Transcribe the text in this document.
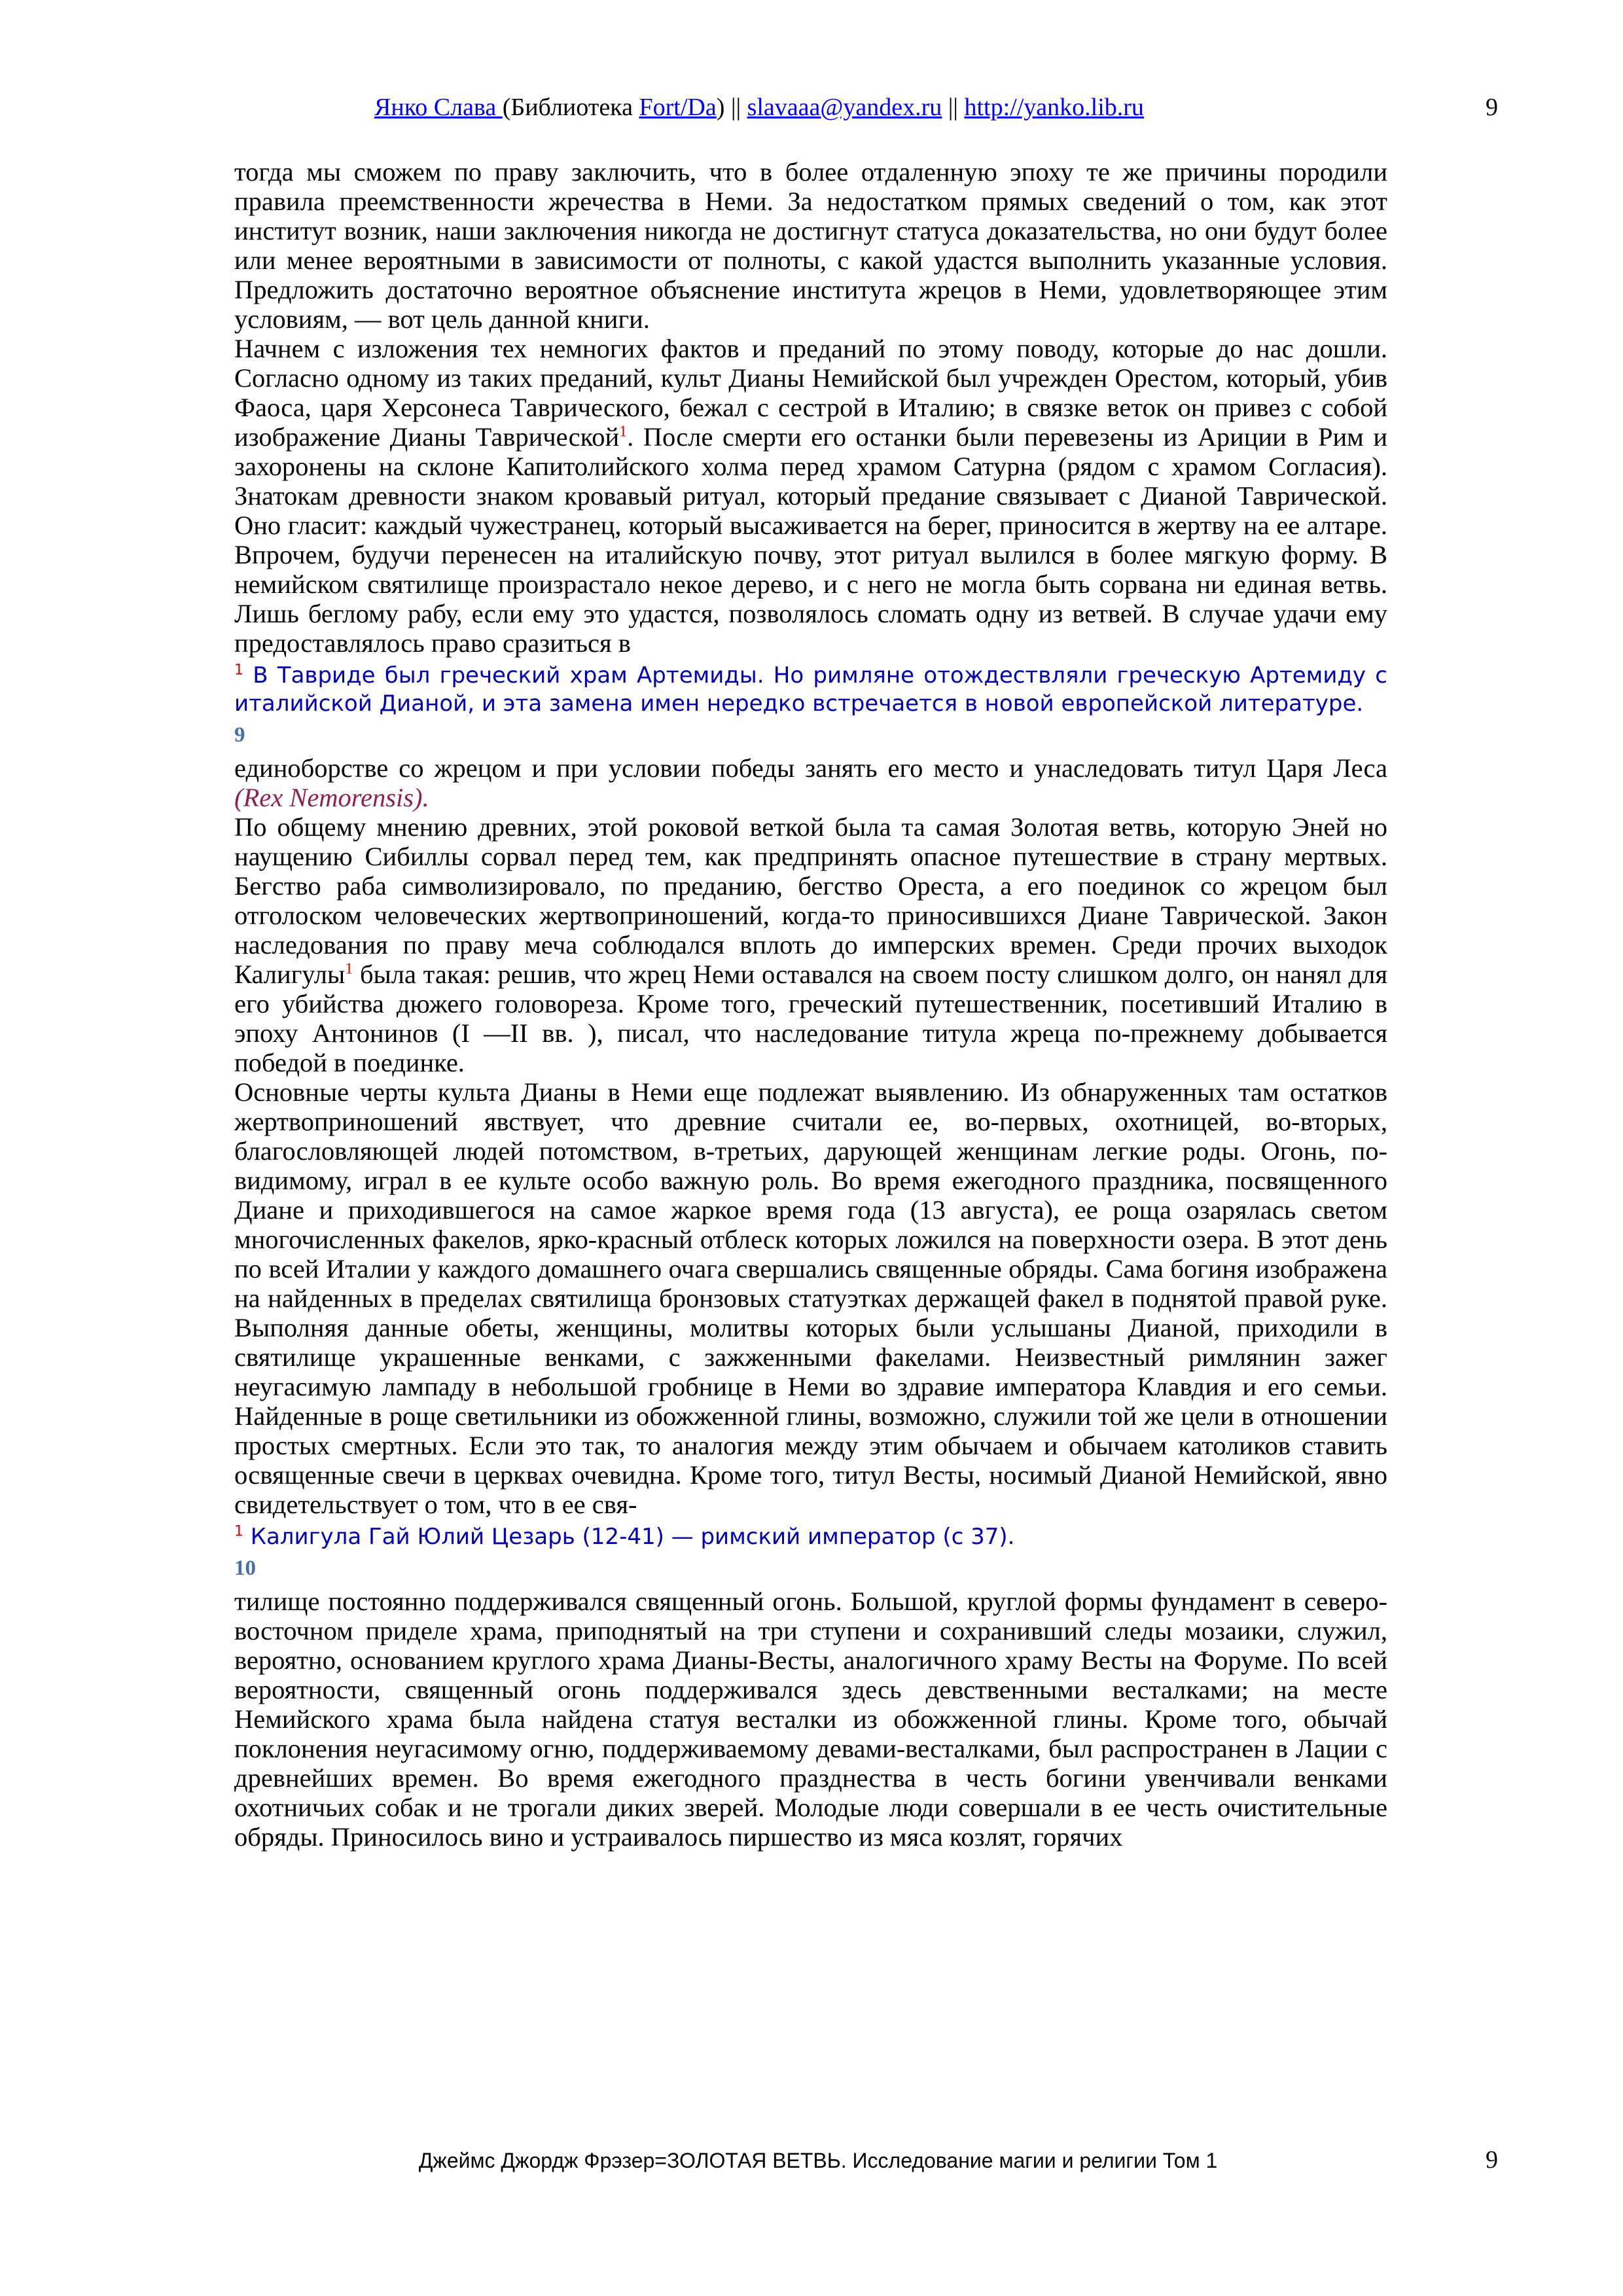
Янко Слава (Библиотека Fort/Da) || slavaaa@yandex.ru || http://yanko.lib.ru	9

тогда мы сможем по праву заключить, что в более отдаленную эпоху те же причины породили правила преемственности жречества в Неми. За недостатком прямых сведений о том, как этот институт возник, наши заключения никогда не достигнут статуса доказательства, но они будут более или менее вероятными в зависимости от полноты, с какой удастся выполнить указанные условия. Предложить достаточно вероятное объяснение института жрецов в Неми, удовлетворяющее этим условиям, — вот цель данной книги.

Начнем с изложения тех немногих фактов и преданий по этому поводу, которые до нас дошли. Согласно одному из таких преданий, культ Дианы Немийской был учрежден Орестом, который, убив Фаоса, царя Херсонеса Таврического, бежал с сестрой в Италию; в связке веток он привез с собой изображение Дианы Таврической$^1$. После смерти его останки были перевезены из Ариции в Рим и захоронены на склоне Капитолийского холма перед храмом Сатурна (рядом с храмом Согласия). Знатокам древности знаком кровавый ритуал, который предание связывает с Дианой Таврической. Оно гласит: каждый чужестранец, который высаживается на берег, приносится в жертву на ее алтаре. Впрочем, будучи перенесен на италийскую почву, этот ритуал вылился в более мягкую форму. В немийском святилище произрастало некое дерево, и с него не могла быть сорвана ни единая ветвь. Лишь беглому рабу, если ему это удастся, позволялось сломать одну из ветвей. В случае удачи ему предоставлялось право сразиться в

$^1$ В Тавриде был греческий храм Артемиды. Но римляне отождествляли греческую Артемиду с италийской Дианой, и эта замена имен нередко встречается в новой европейской литературе.
9

единоборстве со жрецом и при условии победы занять его место и унаследовать титул Царя Леса (Rex Nemorensis).

По общему мнению древних, этой роковой веткой была та самая Золотая ветвь, которую Эней но наущению Сибиллы сорвал перед тем, как предпринять опасное путешествие в страну мертвых. Бегство раба символизировало, по преданию, бегство Ореста, а его поединок со жрецом был отголоском человеческих жертвоприношений, когда-то приносившихся Диане Таврической. Закон наследования по праву меча соблюдался вплоть до имперских времен. Среди прочих выходок Калигулы$^1$ была такая: решив, что жрец Неми оставался на своем посту слишком долго, он нанял для его убийства дюжего головореза. Кроме того, греческий путешественник, посетивший Италию в эпоху Антонинов (I —II вв. ), писал, что наследование титула жреца по-прежнему добывается победой в поединке.

Основные черты культа Дианы в Неми еще подлежат выявлению. Из обнаруженных там остатков жертвоприношений явствует, что древние считали ее, во-первых, охотницей, во-вторых, благословляющей людей потомством, в-третьих, дарующей женщинам легкие роды. Огонь, по-видимому, играл в ее культе особо важную роль. Во время ежегодного праздника, посвященного Диане и приходившегося на самое жаркое время года (13 августа), ее роща озарялась светом многочисленных факелов, ярко-красный отблеск которых ложился на поверхности озера. В этот день по всей Италии у каждого домашнего очага свершались священные обряды. Сама богиня изображена на найденных в пределах святилища бронзовых статуэтках держащей факел в поднятой правой руке. Выполняя данные обеты, женщины, молитвы которых были услышаны Дианой, приходили в святилище украшенные венками, с зажженными факелами. Неизвестный римлянин зажег неугасимую лампаду в небольшой гробнице в Неми во здравие императора Клавдия и его семьи. Найденные в роще светильники из обожженной глины, возможно, служили той же цели в отношении простых смертных. Если это так, то аналогия между этим обычаем и обычаем католиков ставить освященные свечи в церквах очевидна. Кроме того, титул Весты, носимый Дианой Немийской, явно свидетельствует о том, что в ее свя-

$^1$ Калигула Гай Юлий Цезарь (12-41) — римский император (с 37).
10

тилище постоянно поддерживался священный огонь. Большой, круглой формы фундамент в северо-восточном приделе храма, приподнятый на три ступени и сохранивший следы мозаики, служил, вероятно, основанием круглого храма Дианы-Весты, аналогичного храму Весты на Форуме. По всей вероятности, священный огонь поддерживался здесь девственными весталками; на месте Немийского храма была найдена статуя весталки из обожженной глины. Кроме того, обычай поклонения неугасимому огню, поддерживаемому девами-весталками, был распространен в Лации с древнейших времен. Во время ежегодного празднества в честь богини увенчивали венками охотничьих собак и не трогали диких зверей. Молодые люди совершали в ее честь очистительные обряды. Приносилось вино и устраивалось пиршество из мяса козлят, горячих

Джеймс Джордж Фрэзер=ЗОЛОТАЯ ВЕТВЬ. Исследование магии и религии Том 1	9
